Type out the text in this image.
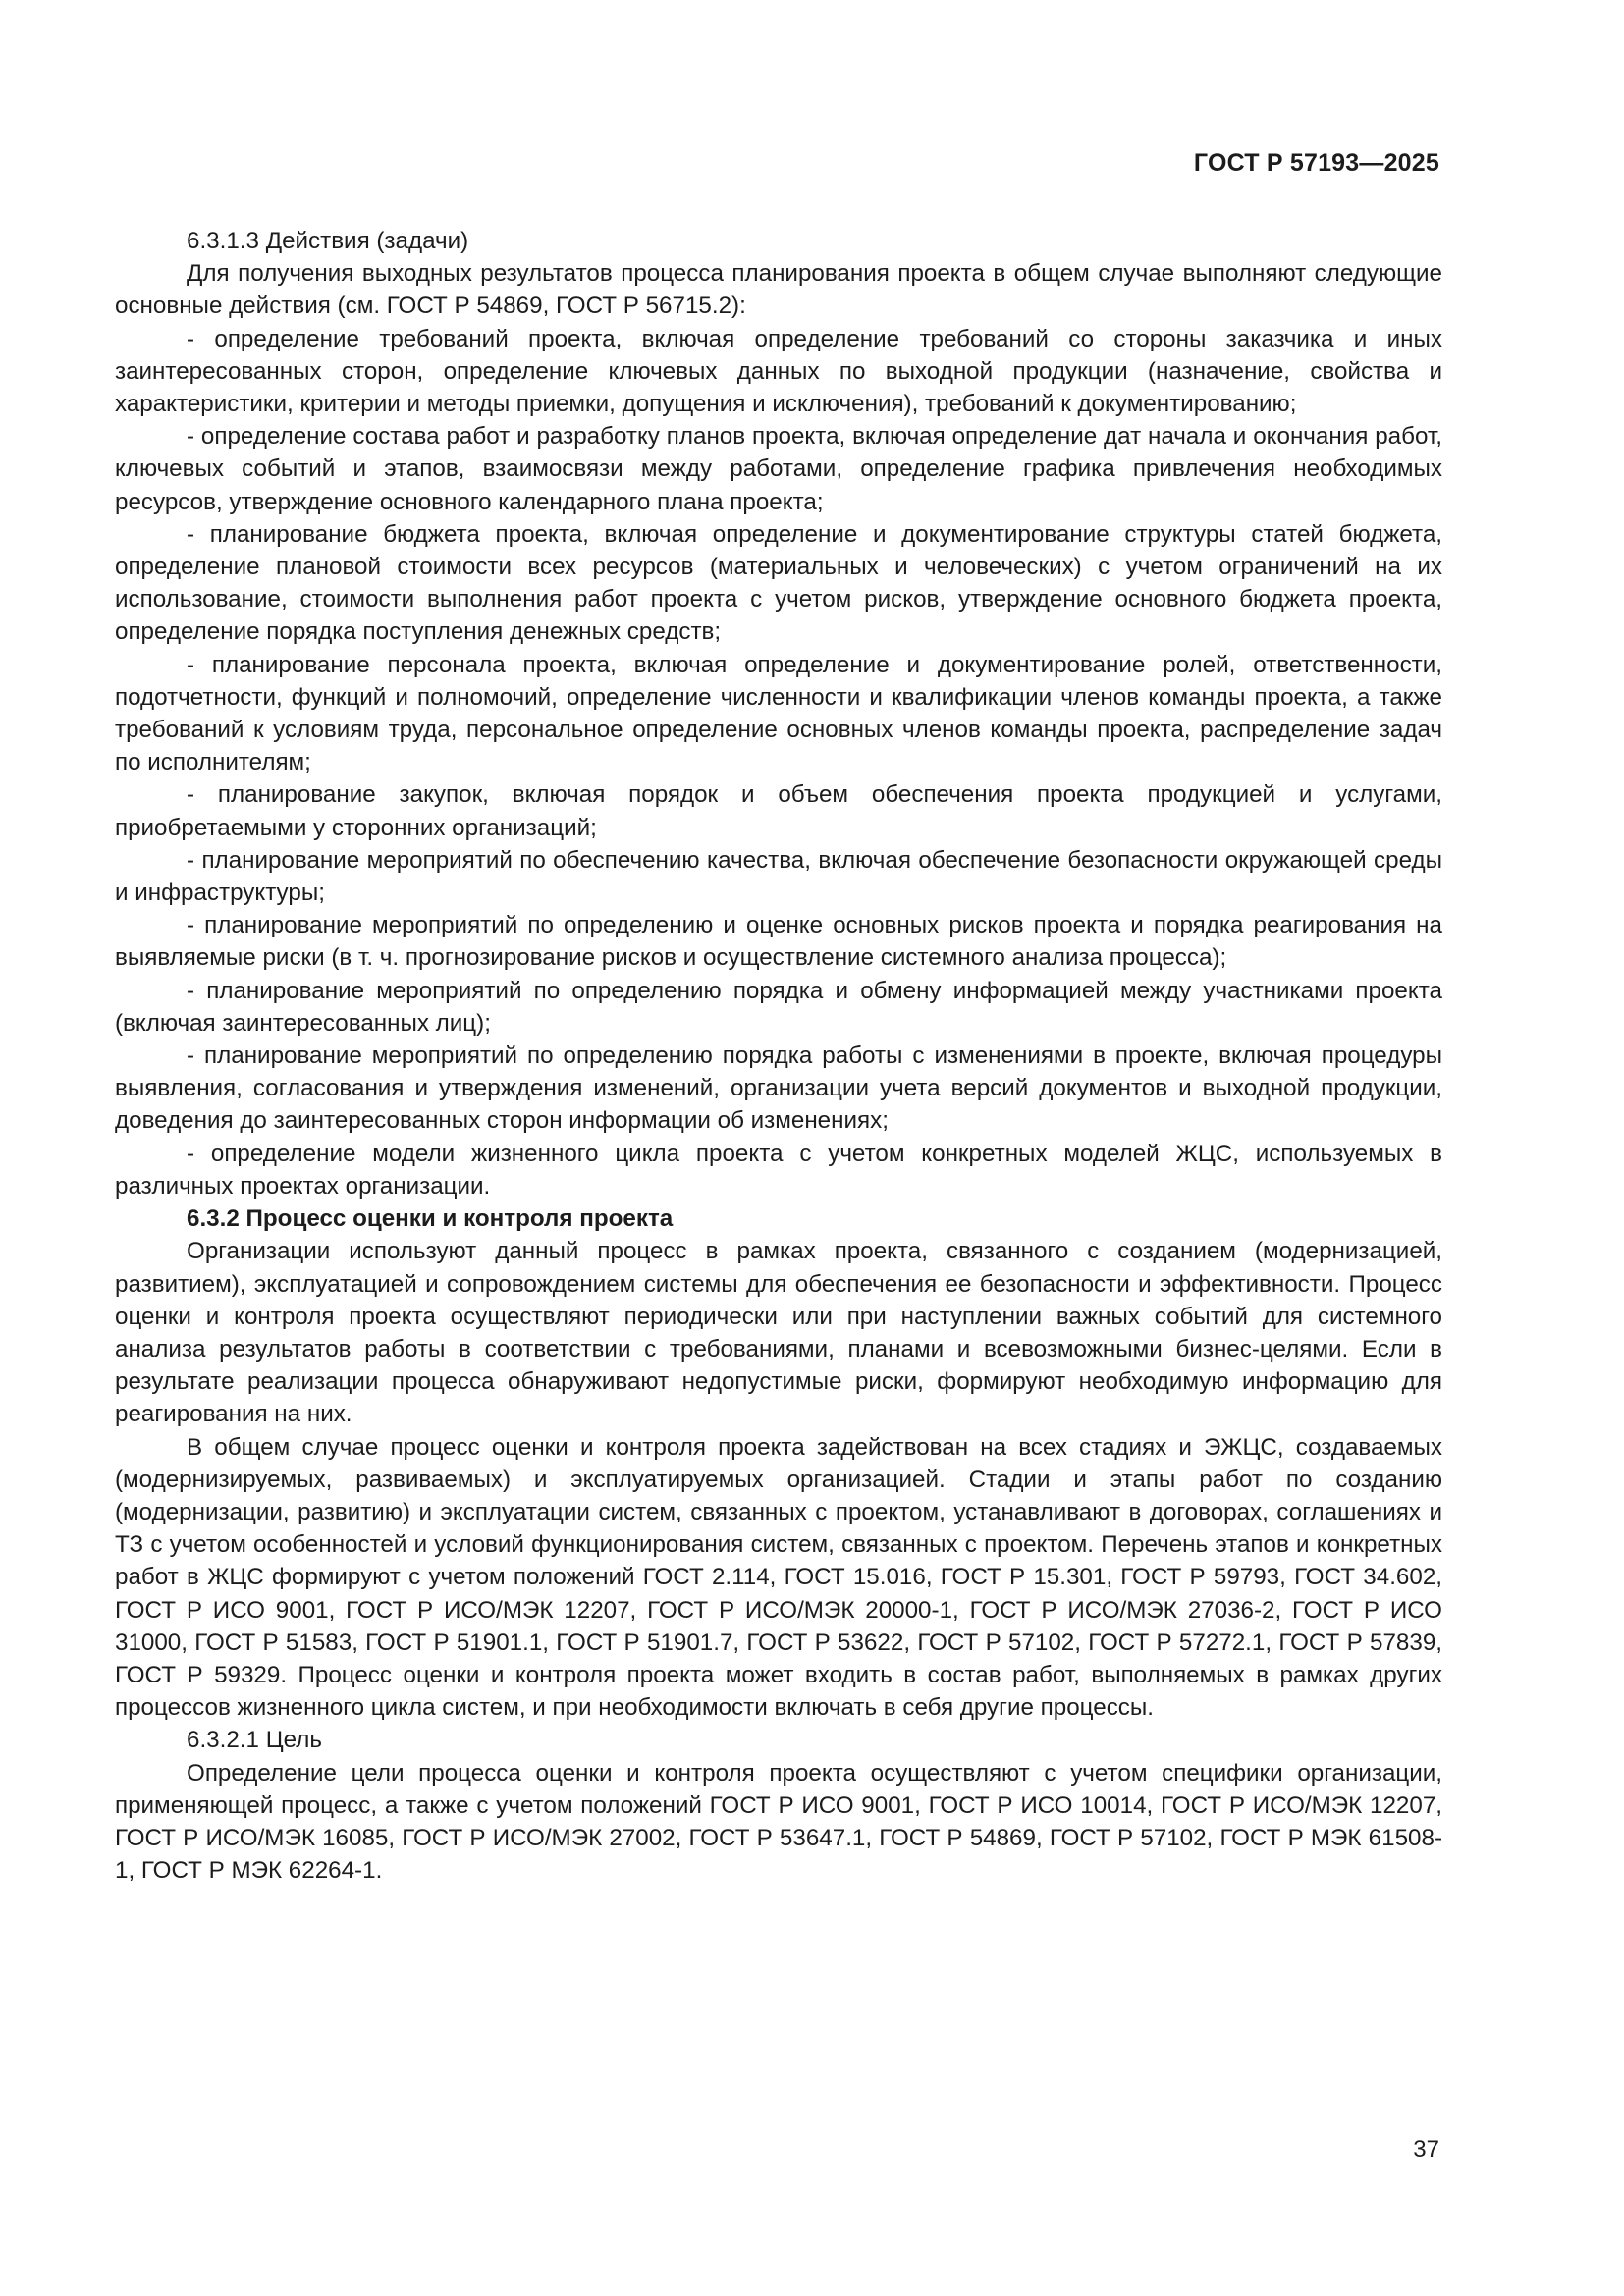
ГОСТ Р 57193—2025

6.3.1.3 Действия (задачи)

Для получения выходных результатов процесса планирования проекта в общем случае выполняют следующие основные действия (см. ГОСТ Р 54869, ГОСТ Р 56715.2):

- определение требований проекта, включая определение требований со стороны заказчика и иных заинтересованных сторон, определение ключевых данных по выходной продукции (назначение, свойства и характеристики, критерии и методы приемки, допущения и исключения), требований к документированию;

- определение состава работ и разработку планов проекта, включая определение дат начала и окончания работ, ключевых событий и этапов, взаимосвязи между работами, определение графика привлечения необходимых ресурсов, утверждение основного календарного плана проекта;

- планирование бюджета проекта, включая определение и документирование структуры статей бюджета, определение плановой стоимости всех ресурсов (материальных и человеческих) с учетом ограничений на их использование, стоимости выполнения работ проекта с учетом рисков, утверждение основного бюджета проекта, определение порядка поступления денежных средств;

- планирование персонала проекта, включая определение и документирование ролей, ответственности, подотчетности, функций и полномочий, определение численности и квалификации членов команды проекта, а также требований к условиям труда, персональное определение основных членов команды проекта, распределение задач по исполнителям;

- планирование закупок, включая порядок и объем обеспечения проекта продукцией и услугами, приобретаемыми у сторонних организаций;

- планирование мероприятий по обеспечению качества, включая обеспечение безопасности окружающей среды и инфраструктуры;

- планирование мероприятий по определению и оценке основных рисков проекта и порядка реагирования на выявляемые риски (в т. ч. прогнозирование рисков и осуществление системного анализа процесса);

- планирование мероприятий по определению порядка и обмену информацией между участниками проекта (включая заинтересованных лиц);

- планирование мероприятий по определению порядка работы с изменениями в проекте, включая процедуры выявления, согласования и утверждения изменений, организации учета версий документов и выходной продукции, доведения до заинтересованных сторон информации об изменениях;

- определение модели жизненного цикла проекта с учетом конкретных моделей ЖЦС, используемых в различных проектах организации.

6.3.2 Процесс оценки и контроля проекта

Организации используют данный процесс в рамках проекта, связанного с созданием (модернизацией, развитием), эксплуатацией и сопровождением системы для обеспечения ее безопасности и эффективности. Процесс оценки и контроля проекта осуществляют периодически или при наступлении важных событий для системного анализа результатов работы в соответствии с требованиями, планами и всевозможными бизнес-целями. Если в результате реализации процесса обнаруживают недопустимые риски, формируют необходимую информацию для реагирования на них.

В общем случае процесс оценки и контроля проекта задействован на всех стадиях и ЭЖЦС, создаваемых (модернизируемых, развиваемых) и эксплуатируемых организацией. Стадии и этапы работ по созданию (модернизации, развитию) и эксплуатации систем, связанных с проектом, устанавливают в договорах, соглашениях и ТЗ с учетом особенностей и условий функционирования систем, связанных с проектом. Перечень этапов и конкретных работ в ЖЦС формируют с учетом положений ГОСТ 2.114, ГОСТ 15.016, ГОСТ Р 15.301, ГОСТ Р 59793, ГОСТ 34.602, ГОСТ Р ИСО 9001, ГОСТ Р ИСО/МЭК 12207, ГОСТ Р ИСО/МЭК 20000-1, ГОСТ Р ИСО/МЭК 27036-2, ГОСТ Р ИСО 31000, ГОСТ Р 51583, ГОСТ Р 51901.1, ГОСТ Р 51901.7, ГОСТ Р 53622, ГОСТ Р 57102, ГОСТ Р 57272.1, ГОСТ Р 57839, ГОСТ Р 59329. Процесс оценки и контроля проекта может входить в состав работ, выполняемых в рамках других процессов жизненного цикла систем, и при необходимости включать в себя другие процессы.

6.3.2.1 Цель

Определение цели процесса оценки и контроля проекта осуществляют с учетом специфики организации, применяющей процесс, а также с учетом положений ГОСТ Р ИСО 9001, ГОСТ Р ИСО 10014, ГОСТ Р ИСО/МЭК 12207, ГОСТ Р ИСО/МЭК 16085, ГОСТ Р ИСО/МЭК 27002, ГОСТ Р 53647.1, ГОСТ Р 54869, ГОСТ Р 57102, ГОСТ Р МЭК 61508-1, ГОСТ Р МЭК 62264-1.

37
